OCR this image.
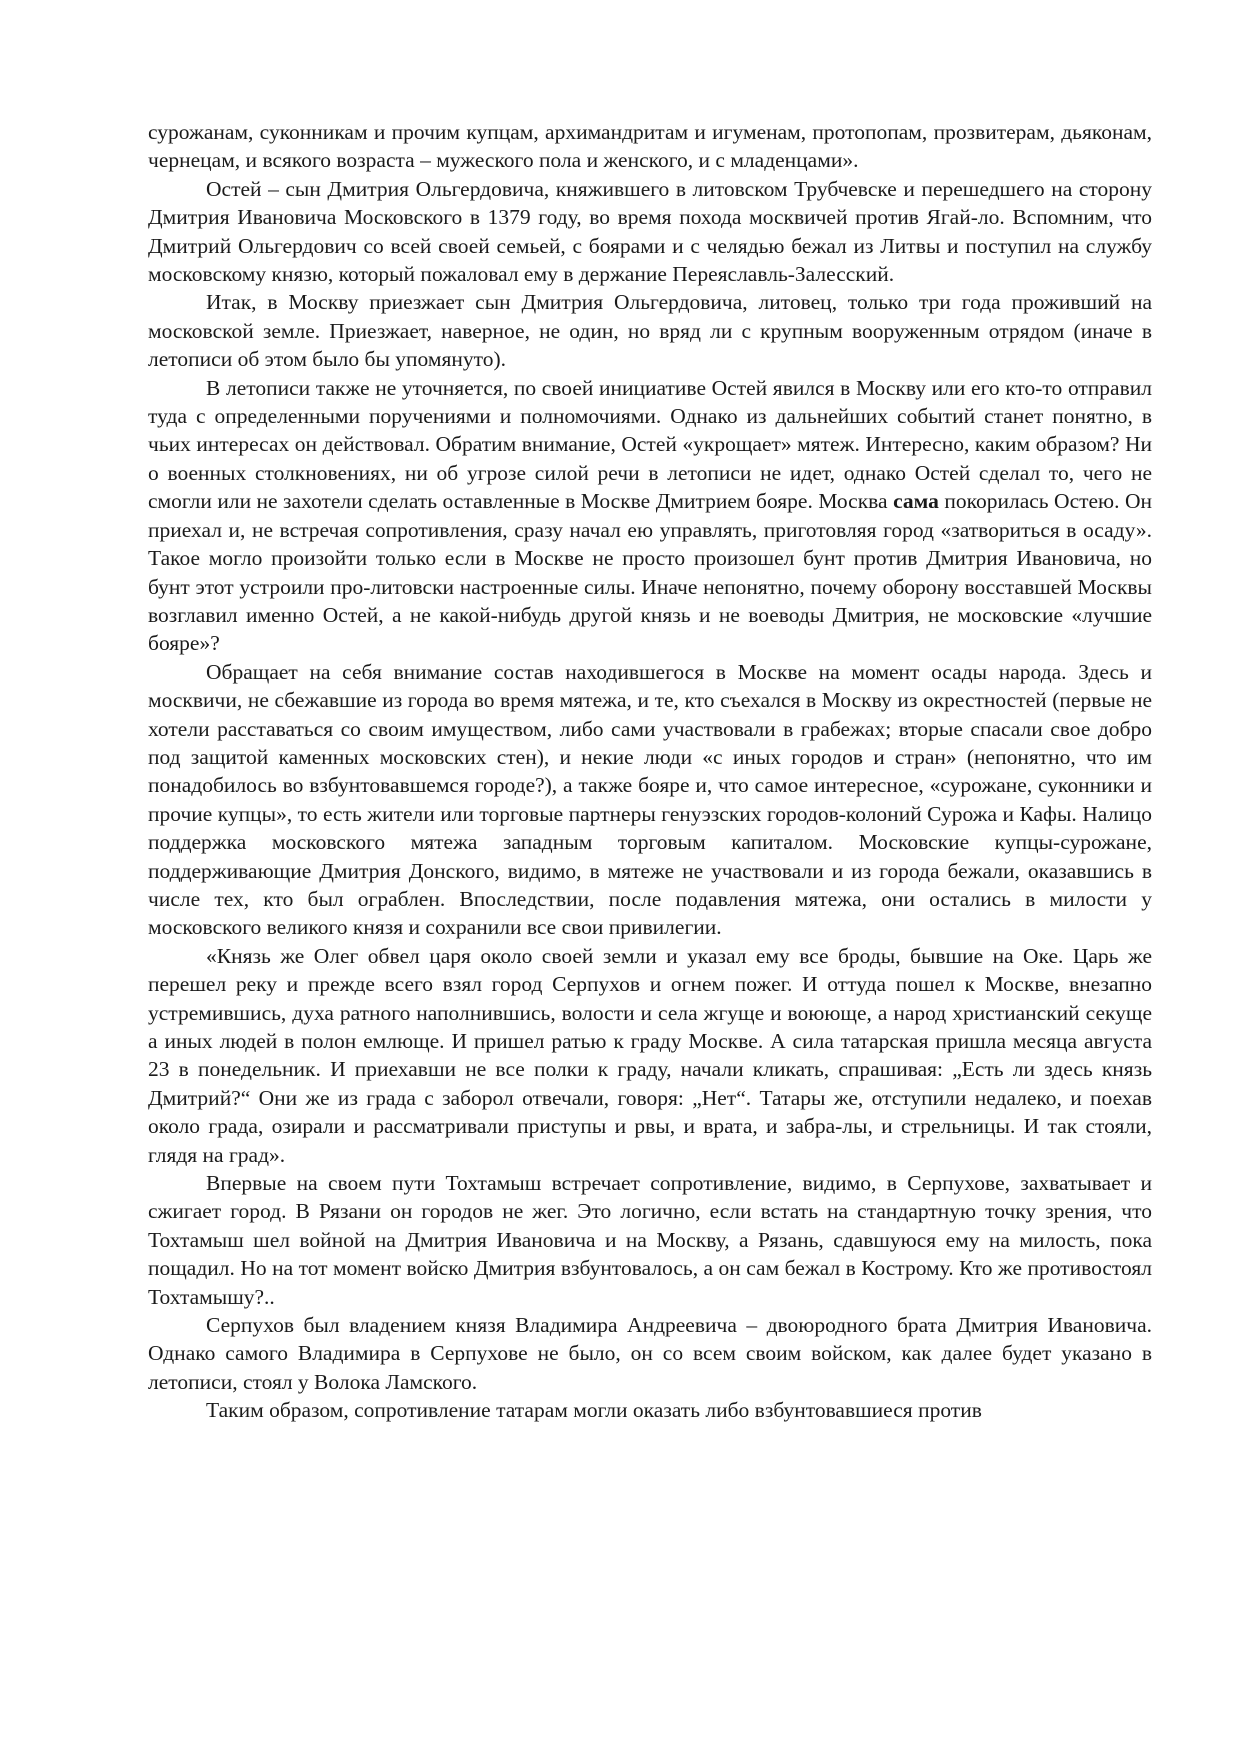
сурожанам, суконникам и прочим купцам, архимандритам и игуменам, протопопам, прозвитерам, дьяконам, чернецам, и всякого возраста – мужеского пола и женского, и с младенцами».

Остей – сын Дмитрия Ольгердовича, княжившего в литовском Трубчевске и перешедшего на сторону Дмитрия Ивановича Московского в 1379 году, во время похода москвичей против Ягай-ло. Вспомним, что Дмитрий Ольгердович со всей своей семьей, с боярами и с челядью бежал из Литвы и поступил на службу московскому князю, который пожаловал ему в держание Переяславль-Залесский.

Итак, в Москву приезжает сын Дмитрия Ольгердовича, литовец, только три года проживший на московской земле. Приезжает, наверное, не один, но вряд ли с крупным вооруженным отрядом (иначе в летописи об этом было бы упомянуто).

В летописи также не уточняется, по своей инициативе Остей явился в Москву или его кто-то отправил туда с определенными поручениями и полномочиями. Однако из дальнейших событий станет понятно, в чьих интересах он действовал. Обратим внимание, Остей «укрощает» мятеж. Интересно, каким образом? Ни о военных столкновениях, ни об угрозе силой речи в летописи не идет, однако Остей сделал то, чего не смогли или не захотели сделать оставленные в Москве Дмитрием бояре. Москва сама покорилась Остею. Он приехал и, не встречая сопротивления, сразу начал ею управлять, приготовляя город «затвориться в осаду». Такое могло произойти только если в Москве не просто произошел бунт против Дмитрия Ивановича, но бунт этот устроили про-литовски настроенные силы. Иначе непонятно, почему оборону восставшей Москвы возглавил именно Остей, а не какой-нибудь другой князь и не воеводы Дмитрия, не московские «лучшие бояре»?

Обращает на себя внимание состав находившегося в Москве на момент осады народа. Здесь и москвичи, не сбежавшие из города во время мятежа, и те, кто съехался в Москву из окрестностей (первые не хотели расставаться со своим имуществом, либо сами участвовали в грабежах; вторые спасали свое добро под защитой каменных московских стен), и некие люди «с иных городов и стран» (непонятно, что им понадобилось во взбунтовавшемся городе?), а также бояре и, что самое интересное, «сурожане, суконники и прочие купцы», то есть жители или торговые партнеры генуэзских городов-колоний Сурожа и Кафы. Налицо поддержка московского мятежа западным торговым капиталом. Московские купцы-сурожане, поддерживающие Дмитрия Донского, видимо, в мятеже не участвовали и из города бежали, оказавшись в числе тех, кто был ограблен. Впоследствии, после подавления мятежа, они остались в милости у московского великого князя и сохранили все свои привилегии.

«Князь же Олег обвел царя около своей земли и указал ему все броды, бывшие на Оке. Царь же перешел реку и прежде всего взял город Серпухов и огнем пожег. И оттуда пошел к Москве, внезапно устремившись, духа ратного наполнившись, волости и села жгуще и воююще, а народ христианский секуще а иных людей в полон емлюще. И пришел ратью к граду Москве. А сила татарская пришла месяца августа 23 в понедельник. И приехавши не все полки к граду, начали кликать, спрашивая: „Есть ли здесь князь Дмитрий?“ Они же из града с заборол отвечали, говоря: „Нет“. Татары же, отступили недалеко, и поехав около града, озирали и рассматривали приступы и рвы, и врата, и забра-лы, и стрельницы. И так стояли, глядя на град».

Впервые на своем пути Тохтамыш встречает сопротивление, видимо, в Серпухове, захватывает и сжигает город. В Рязани он городов не жег. Это логично, если встать на стандартную точку зрения, что Тохтамыш шел войной на Дмитрия Ивановича и на Москву, а Рязань, сдавшуюся ему на милость, пока пощадил. Но на тот момент войско Дмитрия взбунтовалось, а он сам бежал в Кострому. Кто же противостоял Тохтамышу?..

Серпухов был владением князя Владимира Андреевича – двоюродного брата Дмитрия Ивановича. Однако самого Владимира в Серпухове не было, он со всем своим войском, как далее будет указано в летописи, стоял у Волока Ламского.

Таким образом, сопротивление татарам могли оказать либо взбунтовавшиеся против
